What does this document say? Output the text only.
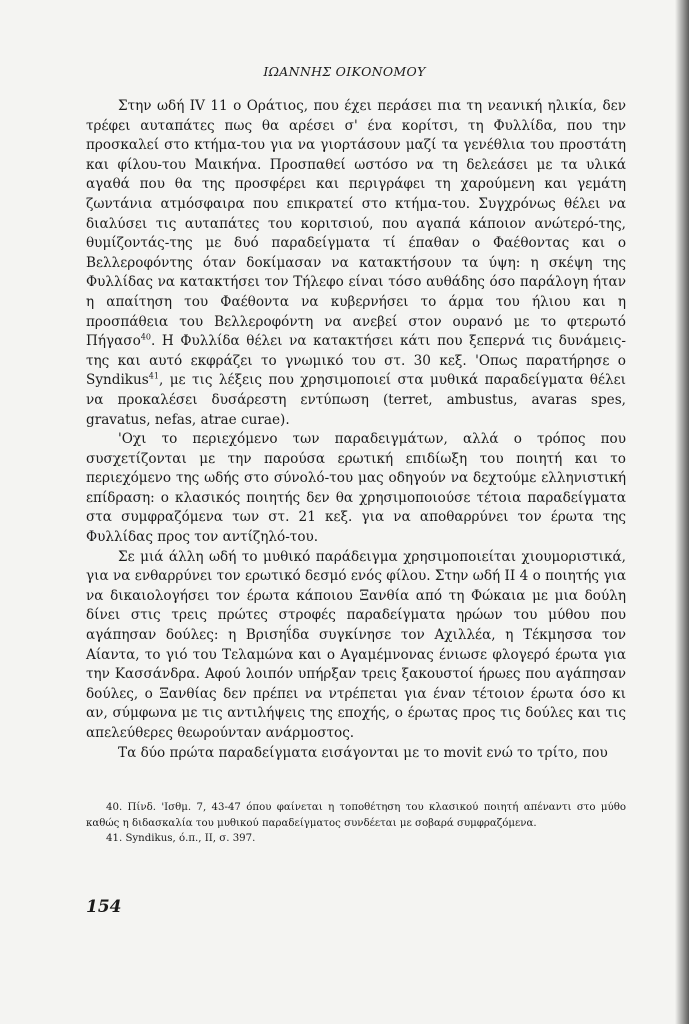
ΙΩΑΝΝΗΣ ΟΙΚΟΝΟΜΟΥ

Στην ωδή IV 11 ο Οράτιος, που έχει περάσει πια τη νεανική ηλικία, δεν τρέφει αυταπάτες πως θα αρέσει σ' ένα κορίτσι, τη Φυλλίδα, που την προσκαλεί στο κτήμα-του για να γιορτάσουν μαζί τα γενέθλια του προστάτη και φίλου-του Μαικήνα. Προσπαθεί ωστόσο να τη δελεάσει με τα υλικά αγαθά που θα της προσφέρει και περιγράφει τη χαρούμενη και γεμάτη ζωντάνια ατμόσφαιρα που επικρατεί στο κτήμα-του. Συγχρόνως θέλει να διαλύσει τις αυταπάτες του κοριτσιού, που αγαπά κάποιον ανώτερό-της, θυμίζοντάς-της με δυό παραδείγματα τί έπαθαν ο Φαέθοντας και ο Βελλεροφόντης όταν δοκίμασαν να κατακτήσουν τα ύψη: η σκέψη της Φυλλίδας να κατακτήσει τον Τήλεφο είναι τόσο αυθάδης όσο παράλογη ήταν η απαίτηση του Φαέθοντα να κυβερνήσει το άρμα του ήλιου και η προσπάθεια του Βελλεροφόντη να ανεβεί στον ουρανό με το φτερωτό Πήγασο$^{40}$. Η Φυλλίδα θέλει να κατακτήσει κάτι που ξεπερνά τις δυνάμεις-της και αυτό εκφράζει το γνωμικό του στ. 30 κεξ. 'Οπως παρατήρησε ο Syndikus$^{41}$, με τις λέξεις που χρησιμοποιεί στα μυθικά παραδείγματα θέλει να προκαλέσει δυσάρεστη εντύπωση (terret, ambustus, avaras spes, gravatus, nefas, atrae curae).

'Οχι το περιεχόμενο των παραδειγμάτων, αλλά ο τρόπος που συσχετίζονται με την παρούσα ερωτική επιδίωξη του ποιητή και το περιεχόμενο της ωδής στο σύνολό-του μας οδηγούν να δεχτούμε ελληνιστική επίδραση: ο κλασικός ποιητής δεν θα χρησιμοποιούσε τέτοια παραδείγματα στα συμφραζόμενα των στ. 21 κεξ. για να αποθαρρύνει τον έρωτα της Φυλλίδας προς τον αντίζηλό-του.

Σε μιά άλλη ωδή το μυθικό παράδειγμα χρησιμοποιείται χιουμοριστικά, για να ενθαρρύνει τον ερωτικό δεσμό ενός φίλου. Στην ωδή II 4 ο ποιητής για να δικαιολογήσει τον έρωτα κάποιου Ξανθία από τη Φώκαια με μια δούλη δίνει στις τρεις πρώτες στροφές παραδείγματα ηρώων του μύθου που αγάπησαν δούλες: η Βρισηΐδα συγκίνησε τον Αχιλλέα, η Τέκμησσα τον Αίαντα, το γιό του Τελαμώνα και ο Αγαμέμνονας ένιωσε φλογερό έρωτα για την Κασσάνδρα. Αφού λοιπόν υπήρξαν τρεις ξακουστοί ήρωες που αγάπησαν δούλες, ο Ξανθίας δεν πρέπει να ντρέπεται για έναν τέτοιον έρωτα όσο κι αν, σύμφωνα με τις αντιλήψεις της εποχής, ο έρωτας προς τις δούλες και τις απελεύθερες θεωρούνταν ανάρμοστος.

Τα δύο πρώτα παραδείγματα εισάγονται με το movit ενώ το τρίτο, που

40. Πίνδ. 'Ισθμ. 7, 43-47 όπου φαίνεται η τοποθέτηση του κλασικού ποιητή απέναντι στο μύθο καθώς η διδασκαλία του μυθικού παραδείγματος συνδέεται με σοβαρά συμφραζόμενα.

41. Syndikus, ό.π., II, σ. 397.

154
